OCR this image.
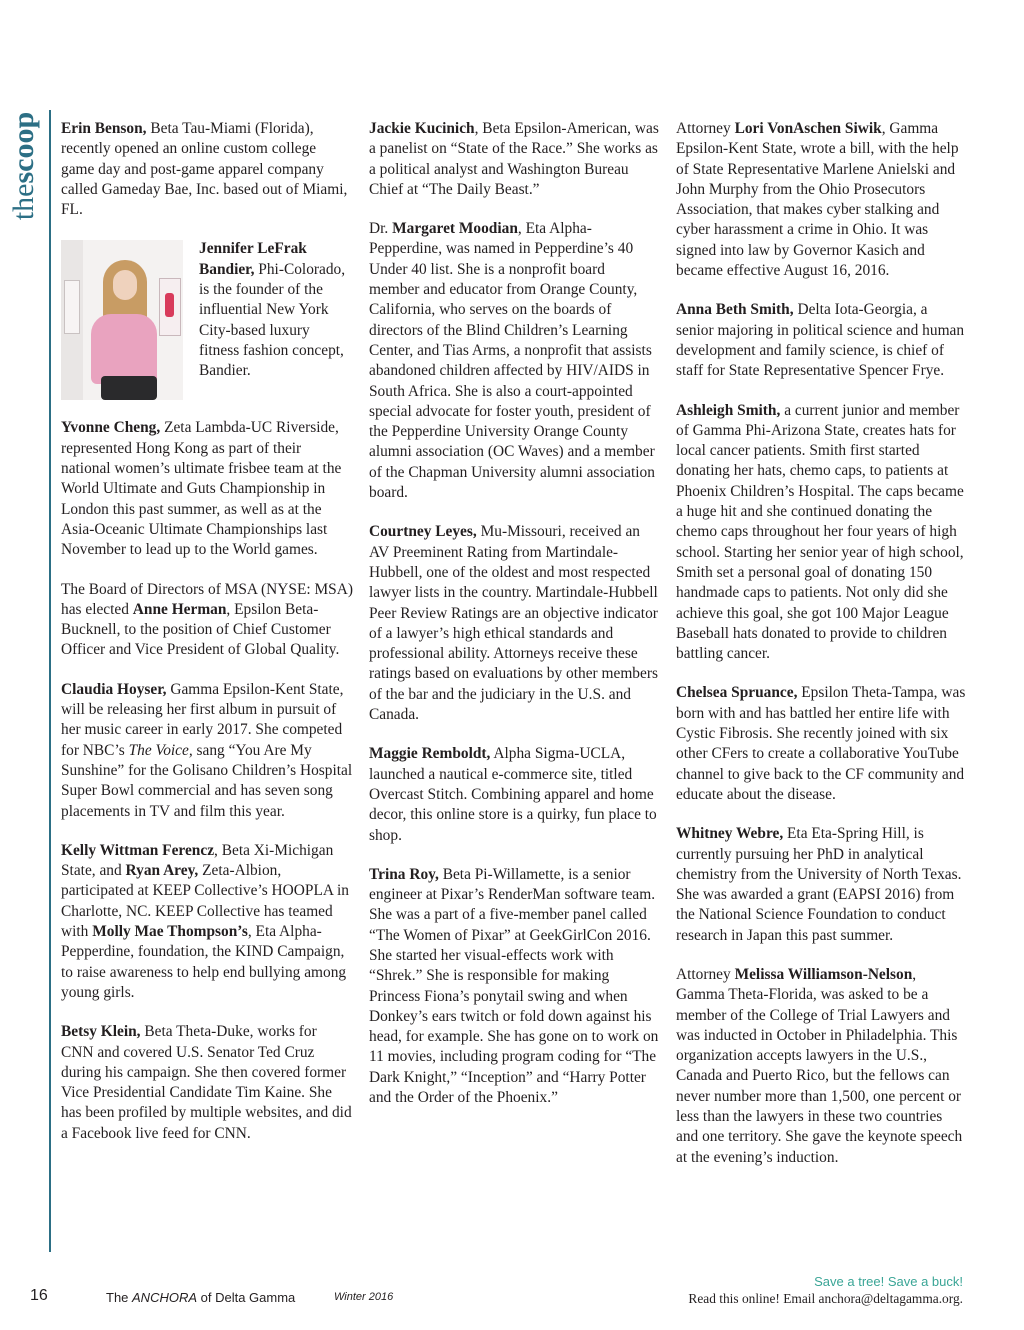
thescoop Erin Benson, Beta Tau-Miami (Florida), recently opened an online custom college game day and post-game apparel company called Gameday Bae, Inc. based out of Miami, FL.

Jennifer LeFrak Bandier, Phi-Colorado, is the founder of the influential New York City-based luxury fitness fashion concept, Bandier.

Yvonne Cheng, Zeta Lambda-UC Riverside, represented Hong Kong as part of their national women’s ultimate frisbee team at the World Ultimate and Guts Championship in London this past summer, as well as at the Asia-Oceanic Ultimate Championships last November to lead up to the World games.

The Board of Directors of MSA (NYSE: MSA) has elected Anne Herman, Epsilon Beta-Bucknell, to the position of Chief Customer Officer and Vice President of Global Quality.

Claudia Hoyser, Gamma Epsilon-Kent State, will be releasing her first album in pursuit of her music career in early 2017. She competed for NBC’s The Voice, sang “You Are My Sunshine” for the Golisano Children’s Hospital Super Bowl commercial and has seven song placements in TV and film this year.

Kelly Wittman Ferencz, Beta Xi-Michigan State, and Ryan Arey, Zeta-Albion, participated at KEEP Collective’s HOOPLA in Charlotte, NC. KEEP Collective has teamed with Molly Mae Thompson’s, Eta Alpha-Pepperdine, foundation, the KIND Campaign, to raise awareness to help end bullying among young girls.

Betsy Klein, Beta Theta-Duke, works for CNN and covered U.S. Senator Ted Cruz during his campaign. She then covered former Vice Presidential Candidate Tim Kaine. She has been profiled by multiple websites, and did a Facebook live feed for CNN.

Jackie Kucinich, Beta Epsilon-American, was a panelist on “State of the Race.” She works as a political analyst and Washington Bureau Chief at “The Daily Beast.”

Dr. Margaret Moodian, Eta Alpha-Pepperdine, was named in Pepperdine’s 40 Under 40 list. She is a nonprofit board member and educator from Orange County, California, who serves on the boards of directors of the Blind Children’s Learning Center, and Tias Arms, a nonprofit that assists abandoned children affected by HIV/AIDS in South Africa. She is also a court-appointed special advocate for foster youth, president of the Pepperdine University Orange County alumni association (OC Waves) and a member of the Chapman University alumni association board.

Courtney Leyes, Mu-Missouri, received an AV Preeminent Rating from Martindale-Hubbell, one of the oldest and most respected lawyer lists in the country. Martindale-Hubbell Peer Review Ratings are an objective indicator of a lawyer’s high ethical standards and professional ability. Attorneys receive these ratings based on evaluations by other members of the bar and the judiciary in the U.S. and Canada.

Maggie Remboldt, Alpha Sigma-UCLA, launched a nautical e-commerce site, titled Overcast Stitch. Combining apparel and home decor, this online store is a quirky, fun place to shop.

Trina Roy, Beta Pi-Willamette, is a senior engineer at Pixar’s RenderMan software team. She was a part of a five-member panel called “The Women of Pixar” at GeekGirlCon 2016. She started her visual-effects work with “Shrek.” She is responsible for making Princess Fiona’s ponytail swing and when Donkey’s ears twitch or fold down against his head, for example. She has gone on to work on 11 movies, including program coding for “The Dark Knight,” “Inception” and “Harry Potter and the Order of the Phoenix.”

Attorney Lori VonAschen Siwik, Gamma Epsilon-Kent State, wrote a bill, with the help of State Representative Marlene Anielski and John Murphy from the Ohio Prosecutors Association, that makes cyber stalking and cyber harassment a crime in Ohio. It was signed into law by Governor Kasich and became effective August 16, 2016.

Anna Beth Smith, Delta Iota-Georgia, a senior majoring in political science and human development and family science, is chief of staff for State Representative Spencer Frye.

Ashleigh Smith, a current junior and member of Gamma Phi-Arizona State, creates hats for local cancer patients. Smith first started donating her hats, chemo caps, to patients at Phoenix Children’s Hospital. The caps became a huge hit and she continued donating the chemo caps throughout her four years of high school. Starting her senior year of high school, Smith set a personal goal of donating 150 handmade caps to patients. Not only did she achieve this goal, she got 100 Major League Baseball hats donated to provide to children battling cancer.

Chelsea Spruance, Epsilon Theta-Tampa, was born with and has battled her entire life with Cystic Fibrosis. She recently joined with six other CFers to create a collaborative YouTube channel to give back to the CF community and educate about the disease.

Whitney Webre, Eta Eta-Spring Hill, is currently pursuing her PhD in analytical chemistry from the University of North Texas. She was awarded a grant (EAPSI 2016) from the National Science Foundation to conduct research in Japan this past summer.

Attorney Melissa Williamson-Nelson, Gamma Theta-Florida, was asked to be a member of the College of Trial Lawyers and was inducted in October in Philadelphia. This organization accepts lawyers in the U.S., Canada and Puerto Rico, but the fellows can never number more than 1,500, one percent or less than the lawyers in these two countries and one territory. She gave the keynote speech at the evening’s induction.

16	The ANCHORA of Delta Gamma	Winter 2016
Save a tree! Save a buck!
Read this online! Email anchora@deltagamma.org.
